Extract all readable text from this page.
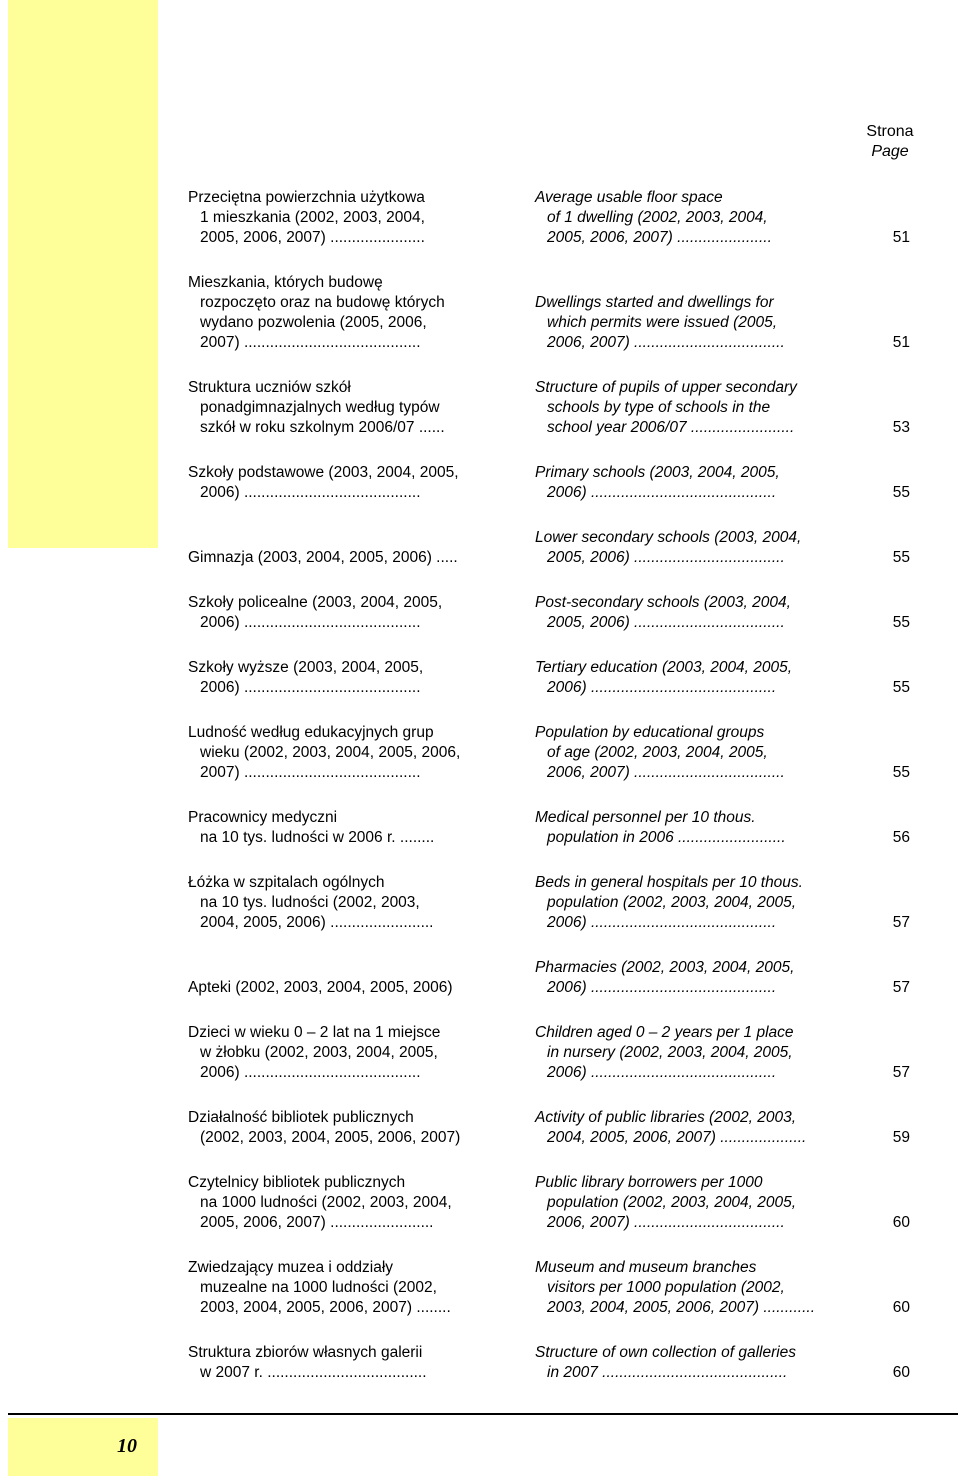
Strona
Page
Przeciętna powierzchnia użytkowa
1 mieszkania (2002, 2003, 2004,
2005, 2006, 2007) ......................
Average usable floor space
of 1 dwelling (2002, 2003, 2004,
2005, 2006, 2007) ......................	51
Mieszkania, których budowę
rozpoczęto oraz na budowę których
wydano pozwolenia (2005, 2006,
2007) .........................................
Dwellings started and dwellings for
which permits were issued (2005,
2006, 2007) ...................................	51
Struktura uczniów szkół
ponadgimnazjalnych według typów
szkół w roku szkolnym 2006/07 ......
Structure of pupils of upper secondary
schools by type of schools in the
school year 2006/07 ........................	53
Szkoły podstawowe (2003, 2004, 2005,
2006) .........................................
Primary schools (2003, 2004, 2005,
2006) ...........................................	55
Gimnazja (2003, 2004, 2005, 2006) .....
Lower secondary schools (2003, 2004,
2005, 2006) ...................................	55
Szkoły policealne (2003, 2004, 2005,
2006) .........................................
Post-secondary schools (2003, 2004,
2005, 2006) ...................................	55
Szkoły wyższe (2003, 2004, 2005,
2006) .........................................
Tertiary education (2003, 2004, 2005,
2006) ...........................................	55
Ludność według edukacyjnych grup
wieku (2002, 2003, 2004, 2005, 2006,
2007) .........................................
Population by educational groups
of age (2002, 2003, 2004, 2005,
2006, 2007) ...................................	55
Pracownicy medyczni
na 10 tys. ludności w 2006 r. ........
Medical personnel per 10 thous.
population in 2006 .........................	56
Łóżka w szpitalach ogólnych
na 10 tys. ludności (2002, 2003,
2004, 2005, 2006) ........................
Beds in general hospitals per 10 thous.
population (2002, 2003, 2004, 2005,
2006) ...........................................	57
Apteki (2002, 2003, 2004, 2005, 2006)
Pharmacies (2002, 2003, 2004, 2005,
2006) ...........................................	57
Dzieci w wieku 0 – 2 lat na 1 miejsce
w żłobku (2002, 2003, 2004, 2005,
2006) .........................................
Children aged 0 – 2 years per 1 place
in nursery (2002, 2003, 2004, 2005,
2006) ...........................................	57
Działalność bibliotek publicznych
(2002, 2003, 2004, 2005, 2006, 2007)
Activity of public libraries (2002, 2003,
2004, 2005, 2006, 2007) ....................	59
Czytelnicy bibliotek publicznych
na 1000 ludności (2002, 2003, 2004,
2005, 2006, 2007) ........................
Public library borrowers per 1000
population (2002, 2003, 2004, 2005,
2006, 2007) ...................................	60
Zwiedzający muzea i oddziały
muzealne na 1000 ludności (2002,
2003, 2004, 2005, 2006, 2007) ........
Museum and museum branches
visitors per 1000 population (2002,
2003, 2004, 2005, 2006, 2007) ............	60
Struktura zbiorów własnych galerii
w 2007 r. .....................................
Structure of own collection of galleries
in 2007 ...........................................	60
10
